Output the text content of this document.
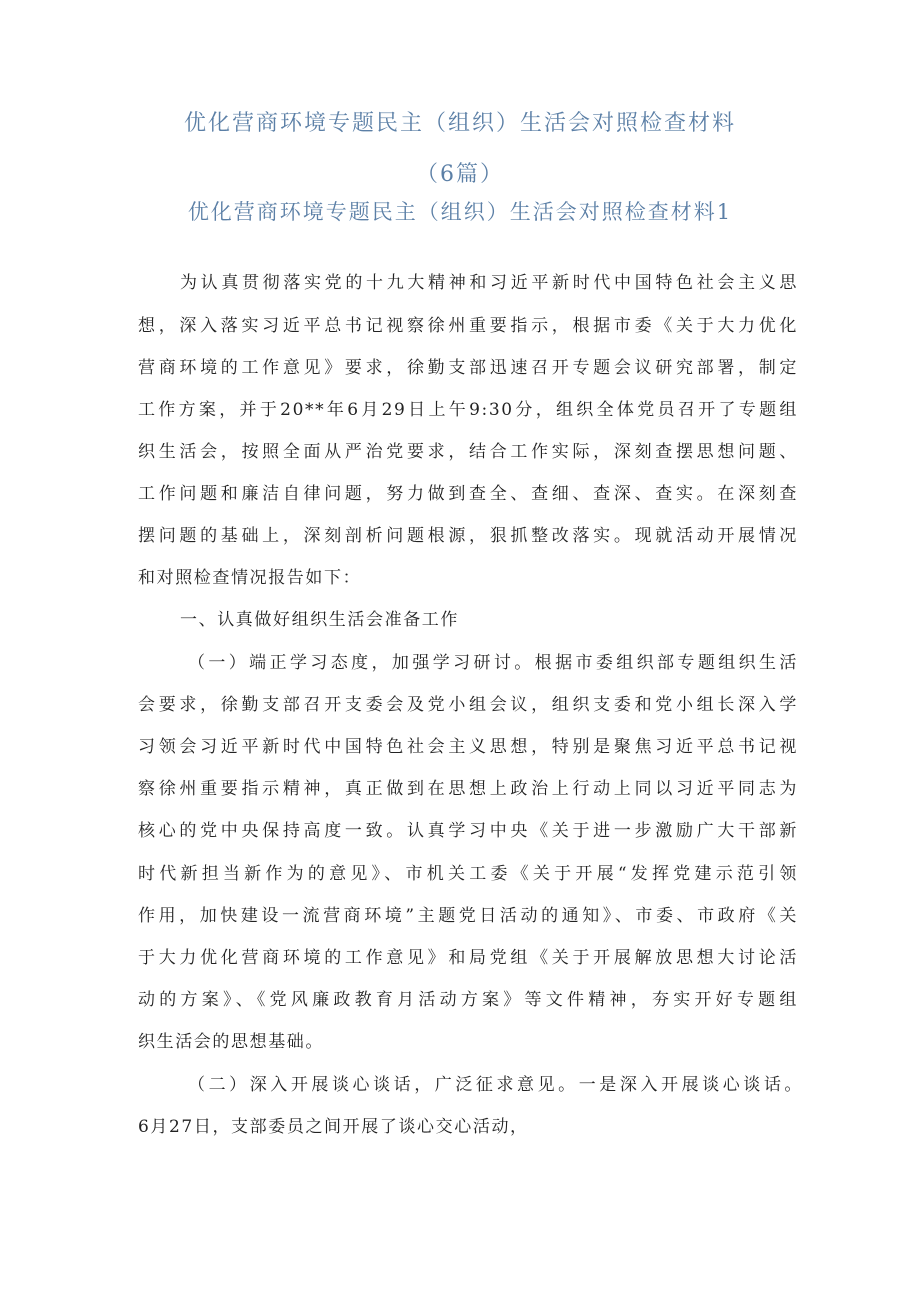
优化营商环境专题民主（组织）生活会对照检查材料
（6篇）
优化营商环境专题民主（组织）生活会对照检查材料1
为认真贯彻落实党的十九大精神和习近平新时代中国特色社会主义思
想，深入落实习近平总书记视察徐州重要指示，根据市委《关于大力优化
营商环境的工作意见》要求，徐勤支部迅速召开专题会议研究部署，制定
工作方案，并于20**年6月29日上午9:30分，组织全体党员召开了专题组
织生活会，按照全面从严治党要求，结合工作实际，深刻查摆思想问题、
工作问题和廉洁自律问题，努力做到查全、查细、查深、查实。在深刻查
摆问题的基础上，深刻剖析问题根源，狠抓整改落实。现就活动开展情况
和对照检查情况报告如下：
一、认真做好组织生活会准备工作
（一）端正学习态度，加强学习研讨。根据市委组织部专题组织生活
会要求，徐勤支部召开支委会及党小组会议，组织支委和党小组长深入学
习领会习近平新时代中国特色社会主义思想，特别是聚焦习近平总书记视
察徐州重要指示精神，真正做到在思想上政治上行动上同以习近平同志为
核心的党中央保持高度一致。认真学习中央《关于进一步激励广大干部新
时代新担当新作为的意见》、市机关工委《关于开展“发挥党建示范引领
作用，加快建设一流营商环境”主题党日活动的通知》、市委、市政府《关
于大力优化营商环境的工作意见》和局党组《关于开展解放思想大讨论活
动的方案》、《党风廉政教育月活动方案》等文件精神，夯实开好专题组
织生活会的思想基础。
（二）深入开展谈心谈话，广泛征求意见。一是深入开展谈心谈话。
6月27日，支部委员之间开展了谈心交心活动，
